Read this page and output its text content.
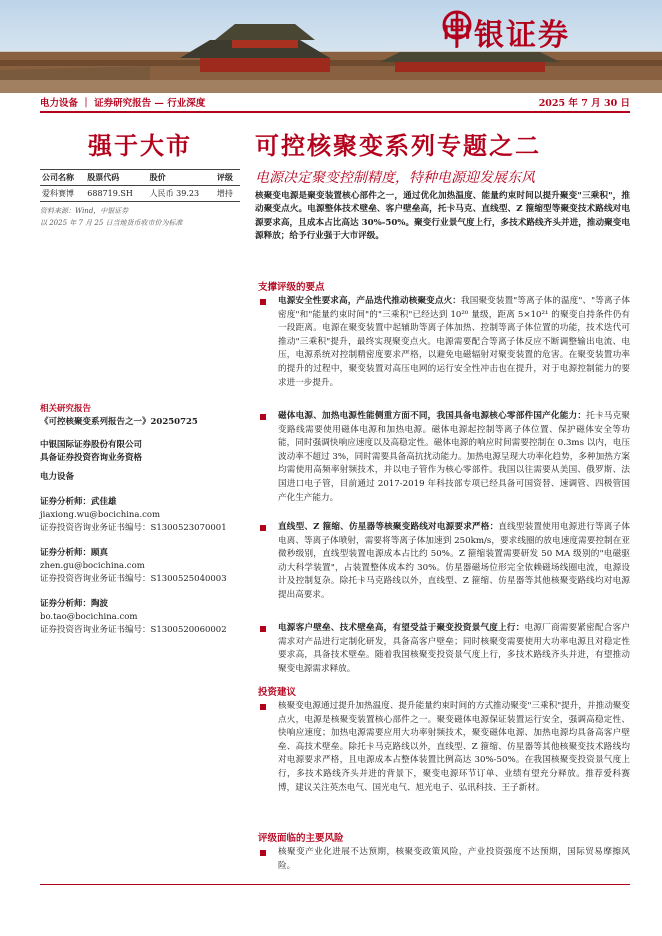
中银证券
电力设备 ｜ 证券研究报告 — 行业深度	2025 年 7 月 30 日
强于大市
公司名称	股票代码	股价	评级
爱科赛博	688719.SH	人民币 39.23	增持
资料来源：Wind，中银证券
以 2025 年 7 月 25 日当地货币收市价为标准
相关研究报告
《可控核聚变系列报告之一》20250725
中银国际证券股份有限公司
具备证券投资咨询业务资格
电力设备
证券分析师：武佳雄
jiaxiong.wu@bocichina.com
证券投资咨询业务证书编号：S1300523070001
证券分析师：顾真
zhen.gu@bocichina.com
证券投资咨询业务证书编号：S1300525040003
证券分析师：陶波
bo.tao@bocichina.com
证券投资咨询业务证书编号：S1300520060002
可控核聚变系列专题之二
电源决定聚变控制精度，特种电源迎发展东风
核聚变电源是聚变装置核心部件之一，通过优化加热温度、能量约束时间以提升聚变"三乘积"，推动聚变点火。电源整体技术壁垒、客户壁垒高，托卡马克、直线型、Z 箍缩型等聚变技术路线对电源要求高，且成本占比高达 30%-50%。聚变行业景气度上行，多技术路线齐头并进，推动聚变电源释放；给予行业强于大市评级。
支撑评级的要点
电源安全性要求高，产品迭代推动核聚变点火：我国聚变装置"等离子体的温度"、"等离子体密度"和"能量约束时间"的"三乘积"已经达到 10²⁰ 量级，距离 5×10²¹ 的聚变自持条件仍有一段距离。电源在聚变装置中起辅助等离子体加热、控制等离子体位置的功能，技术迭代可推动"三乘积"提升，最终实现聚变点火。电源需要配合等离子体反应不断调整输出电流、电压，电源系统对控制精密度要求严格，以避免电磁辐射对聚变装置的危害。在聚变装置功率的提升的过程中，聚变装置对高压电网的运行安全性冲击也在提升，对于电源控制能力的要求进一步提升。
磁体电源、加热电源性能侧重方面不同，我国具备电源核心零部件国产化能力：托卡马克聚变路线需要使用磁体电源和加热电源。磁体电源起控制等离子体位置、保护磁体安全等功能，同时强调快响应速度以及高稳定性。磁体电源的响应时间需要控制在 0.3ms 以内，电压波动率不超过 3%，同时需要具备高抗扰动能力。加热电源呈现大功率化趋势，多种加热方案均需使用高频率射频技术，并以电子管作为核心零部件。我国以往需要从美国、俄罗斯、法国进口电子管，目前通过 2017-2019 年科技部专项已经具备可国资替、速调管、四极管国产化生产能力。
直线型、Z 箍缩、仿星器等核聚变路线对电源要求严格：直线型装置使用电源进行等离子体电离、等离子体喷射，需要将等离子体加速到 250km/s，要求线圈的放电速度需要控制在亚微秒级别，直线型装置电源成本占比约 50%。Z 箍缩装置需要研发 50 MA 级别的"电磁驱动大科学装置"，占装置整体成本约 30%。仿星器磁场位形完全依赖磁场线圈电流，电源设计及控制复杂。除托卡马克路线以外，直线型、Z 箍缩、仿星器等其他核聚变路线均对电源提出高要求。
电源客户壁垒、技术壁垒高，有望受益于聚变投资景气度上行：电源厂商需要紧密配合客户需求对产品进行定制化研发，具备高客户壁垒；同时核聚变需要使用大功率电源且对稳定性要求高，具备技术壁垒。随着我国核聚变投资景气度上行，多技术路线齐头并进，有望推动聚变电源需求释放。
投资建议
核聚变电源通过提升加热温度、提升能量约束时间的方式推动聚变"三乘积"提升，并推动聚变点火，电源是核聚变装置核心部件之一。聚变磁体电源保证装置运行安全，强调高稳定性、快响应速度；加热电源需要应用大功率射频技术，聚变磁体电源、加热电源均具备高客户壁垒、高技术壁垒。除托卡马克路线以外，直线型、Z 箍缩、仿星器等其他核聚变技术路线均对电源要求严格，且电源成本占整体装置比例高达 30%-50%。在我国核聚变投资景气度上行，多技术路线齐头并进的背景下，聚变电源环节订单、业绩有望充分释放。推荐爱科赛博，建议关注英杰电气、国光电气、旭光电子、弘讯科技、王子新材。
评级面临的主要风险
核聚变产业化进展不达预期，核聚变政策风险，产业投资强度不达预期，国际贸易摩擦风险。
